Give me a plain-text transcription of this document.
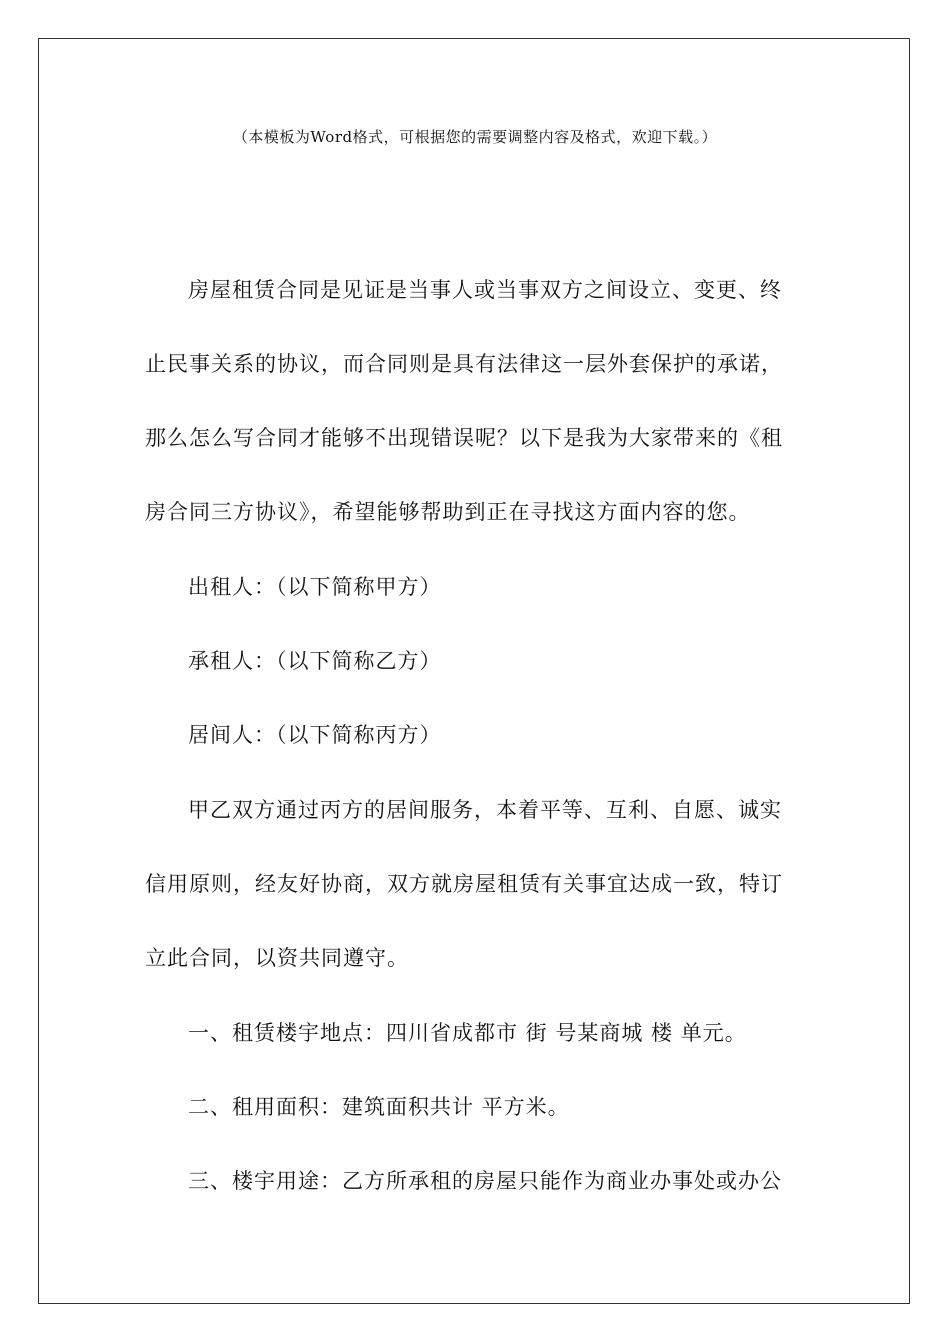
（本模板为Word格式，可根据您的需要调整内容及格式，欢迎下载。）
房屋租赁合同是见证是当事人或当事双方之间设立、变更、终
止民事关系的协议，而合同则是具有法律这一层外套保护的承诺，
那么怎么写合同才能够不出现错误呢？以下是我为大家带来的《租
房合同三方协议》，希望能够帮助到正在寻找这方面内容的您。
出租人：（以下简称甲方）
承租人：（以下简称乙方）
居间人：（以下简称丙方）
甲乙双方通过丙方的居间服务，本着平等、互利、自愿、诚实
信用原则，经友好协商，双方就房屋租赁有关事宜达成一致，特订
立此合同，以资共同遵守。
一、租赁楼宇地点：四川省成都市 街 号某商城 楼 单元。
二、租用面积：建筑面积共计 平方米。
三、楼宇用途：乙方所承租的房屋只能作为商业办事处或办公
